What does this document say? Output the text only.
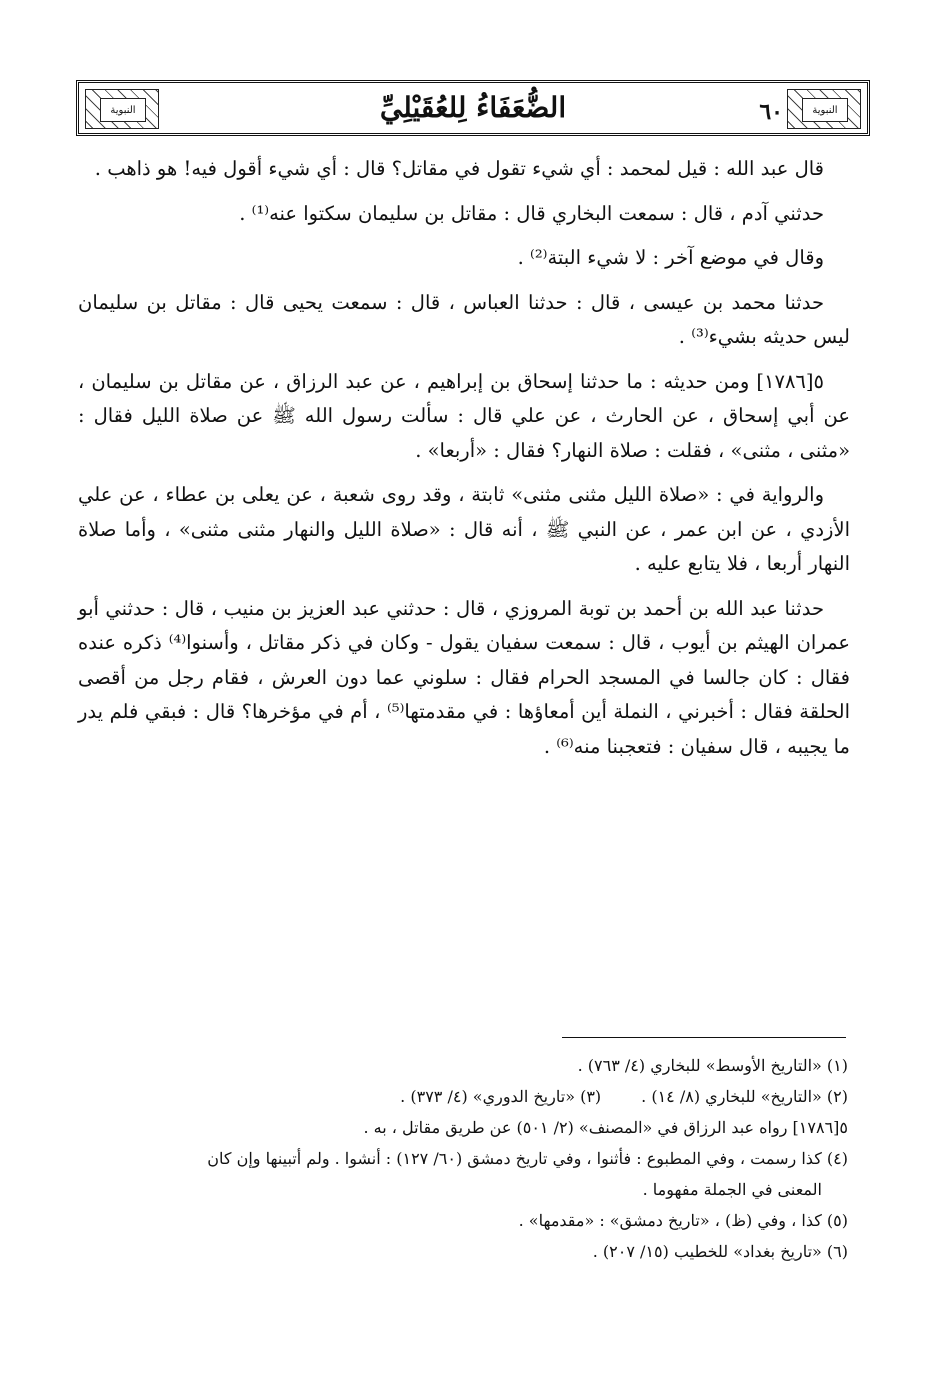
النبوية
٦٠
الضُّعَفَاءُ لِلعُقَيْلِيِّ
النبوية

قال عبد الله : قيل لمحمد : أي شيء تقول في مقاتل؟ قال : أي شيء أقول فيه! هو ذاهب .

حدثني آدم ، قال : سمعت البخاري قال : مقاتل بن سليمان سكتوا عنه⁽¹⁾ .

وقال في موضع آخر : لا شيء البتة⁽²⁾ .

حدثنا محمد بن عيسى ، قال : حدثنا العباس ، قال : سمعت يحيى قال : مقاتل بن سليمان ليس حديثه بشيء⁽³⁾ .

٥[١٧٨٦] ومن حديثه : ما حدثنا إسحاق بن إبراهيم ، عن عبد الرزاق ، عن مقاتل بن سليمان ، عن أبي إسحاق ، عن الحارث ، عن علي قال : سألت رسول الله ﷺ عن صلاة الليل فقال : «مثنى ، مثنى» ، فقلت : صلاة النهار؟ فقال : «أربعا» .

والرواية في : «صلاة الليل مثنى مثنى» ثابتة ، وقد روى شعبة ، عن يعلى بن عطاء ، عن علي الأزدي ، عن ابن عمر ، عن النبي ﷺ ، أنه قال : «صلاة الليل والنهار مثنى مثنى» ، وأما صلاة النهار أربعا ، فلا يتابع عليه .

حدثنا عبد الله بن أحمد بن توبة المروزي ، قال : حدثني عبد العزيز بن منيب ، قال : حدثني أبو عمران الهيثم بن أيوب ، قال : سمعت سفيان يقول - وكان في ذكر مقاتل ، وأسنوا⁽⁴⁾ ذكره عنده فقال : كان جالسا في المسجد الحرام فقال : سلوني عما دون العرش ، فقام رجل من أقصى الحلقة فقال : أخبرني ، النملة أين أمعاؤها : في مقدمتها⁽⁵⁾ ، أم في مؤخرها؟ قال : فبقي فلم يدر ما يجيبه ، قال سفيان : فتعجبنا منه⁽⁶⁾ .

(١) «التاريخ الأوسط» للبخاري (٤/ ٧٦٣) .
(٢) «التاريخ» للبخاري (٨/ ١٤) .
(٣) «تاريخ الدوري» (٤/ ٣٧٣) .
٥[١٧٨٦] رواه عبد الرزاق في «المصنف» (٢/ ٥٠١) عن طريق مقاتل ، به .
(٤) كذا رسمت ، وفي المطبوع : فأثنوا ، وفي تاريخ دمشق (٦٠/ ١٢٧) : أنشوا . ولم أتبينها وإن كان
المعنى في الجملة مفهوما .
(٥) كذا ، وفي (ظ) ، «تاريخ دمشق» : «مقدمها» .
(٦) «تاريخ بغداد» للخطيب (١٥/ ٢٠٧) .
